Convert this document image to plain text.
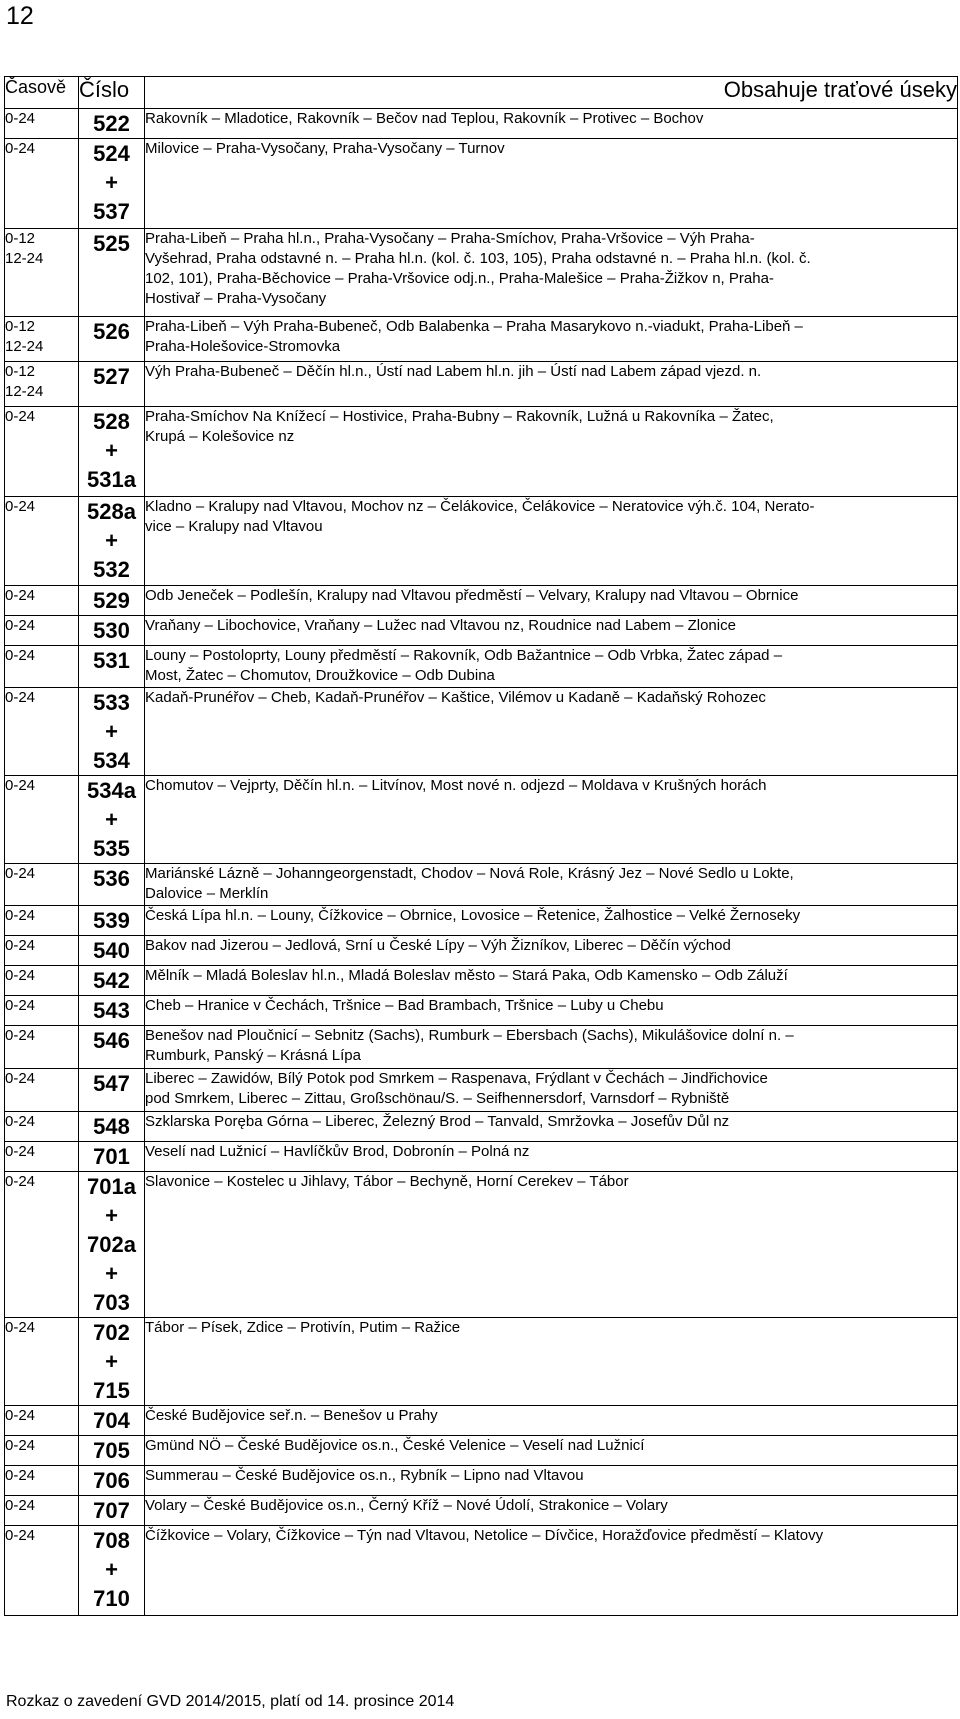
12
Časově	Číslo	Obsahuje traťové úseky

0-24	522	Rakovník – Mladotice, Rakovník – Bečov nad Teplou, Rakovník – Protivec – Bochov

0-24	524
+
537	Milovice – Praha-Vysočany, Praha-Vysočany – Turnov

0-12
12-24	525	Praha-Libeň – Praha hl.n., Praha-Vysočany – Praha-Smíchov, Praha-Vršovice – Výh Praha-
Vyšehrad, Praha odstavné n. – Praha hl.n. (kol. č. 103, 105), Praha odstavné n. – Praha hl.n. (kol. č.
102, 101), Praha-Běchovice – Praha-Vršovice odj.n., Praha-Malešice – Praha-Žižkov n, Praha-
Hostivař – Praha-Vysočany

0-12
12-24	526	Praha-Libeň – Výh Praha-Bubeneč, Odb Balabenka – Praha Masarykovo n.-viadukt, Praha-Libeň –
Praha-Holešovice-Stromovka

0-12
12-24	527	Výh Praha-Bubeneč – Děčín hl.n., Ústí nad Labem hl.n. jih – Ústí nad Labem západ vjezd. n.

0-24	528
+
531a	Praha-Smíchov Na Knížecí – Hostivice, Praha-Bubny – Rakovník, Lužná u Rakovníka – Žatec,
Krupá – Kolešovice nz

0-24	528a
+
532	Kladno – Kralupy nad Vltavou, Mochov nz – Čelákovice, Čelákovice – Neratovice výh.č. 104, Nerato-
vice – Kralupy nad Vltavou

0-24	529	Odb Jeneček – Podlešín, Kralupy nad Vltavou předměstí – Velvary, Kralupy nad Vltavou – Obrnice

0-24	530	Vraňany – Libochovice, Vraňany – Lužec nad Vltavou nz, Roudnice nad Labem – Zlonice

0-24	531	Louny – Postoloprty, Louny předměstí – Rakovník, Odb Bažantnice – Odb Vrbka, Žatec západ –
Most, Žatec – Chomutov, Droužkovice – Odb Dubina

0-24	533
+
534	Kadaň-Prunéřov – Cheb, Kadaň-Prunéřov – Kaštice, Vilémov u Kadaně – Kadaňský Rohozec

0-24	534a
+
535	Chomutov – Vejprty, Děčín hl.n. – Litvínov, Most nové n. odjezd – Moldava v Krušných horách

0-24	536	Mariánské Lázně – Johanngeorgenstadt, Chodov – Nová Role, Krásný Jez – Nové Sedlo u Lokte,
Dalovice – Merklín

0-24	539	Česká Lípa hl.n. – Louny, Čížkovice – Obrnice, Lovosice – Řetenice, Žalhostice – Velké Žernoseky

0-24	540	Bakov nad Jizerou – Jedlová, Srní u České Lípy – Výh Žizníkov, Liberec – Děčín východ

0-24	542	Mělník – Mladá Boleslav hl.n., Mladá Boleslav město – Stará Paka, Odb Kamensko – Odb Záluží

0-24	543	Cheb – Hranice v Čechách, Tršnice – Bad Brambach, Tršnice – Luby u Chebu

0-24	546	Benešov nad Ploučnicí – Sebnitz (Sachs), Rumburk – Ebersbach (Sachs), Mikulášovice dolní n. –
Rumburk, Panský – Krásná Lípa

0-24	547	Liberec – Zawidów, Bílý Potok pod Smrkem – Raspenava, Frýdlant v Čechách – Jindřichovice
pod Smrkem, Liberec – Zittau, Großschönau/S. – Seifhennersdorf, Varnsdorf – Rybniště

0-24	548	Szklarska Poręba Górna – Liberec, Železný Brod – Tanvald, Smržovka – Josefův Důl nz

0-24	701	Veselí nad Lužnicí – Havlíčkův Brod, Dobronín – Polná nz

0-24	701a
+
702a
+
703	Slavonice – Kostelec u Jihlavy, Tábor – Bechyně, Horní Cerekev – Tábor

0-24	702
+
715	Tábor – Písek, Zdice – Protivín, Putim – Ražice

0-24	704	České Budějovice seř.n. – Benešov u Prahy

0-24	705	Gmünd NÖ – České Budějovice os.n., České Velenice – Veselí nad Lužnicí

0-24	706	Summerau – České Budějovice os.n., Rybník – Lipno nad Vltavou

0-24	707	Volary – České Budějovice os.n., Černý Kříž – Nové Údolí, Strakonice – Volary

0-24	708
+
710	Čížkovice – Volary, Čížkovice – Týn nad Vltavou, Netolice – Dívčice, Horažďovice předměstí – Klatovy
Rozkaz o zavedení GVD 2014/2015, platí od 14. prosince 2014
